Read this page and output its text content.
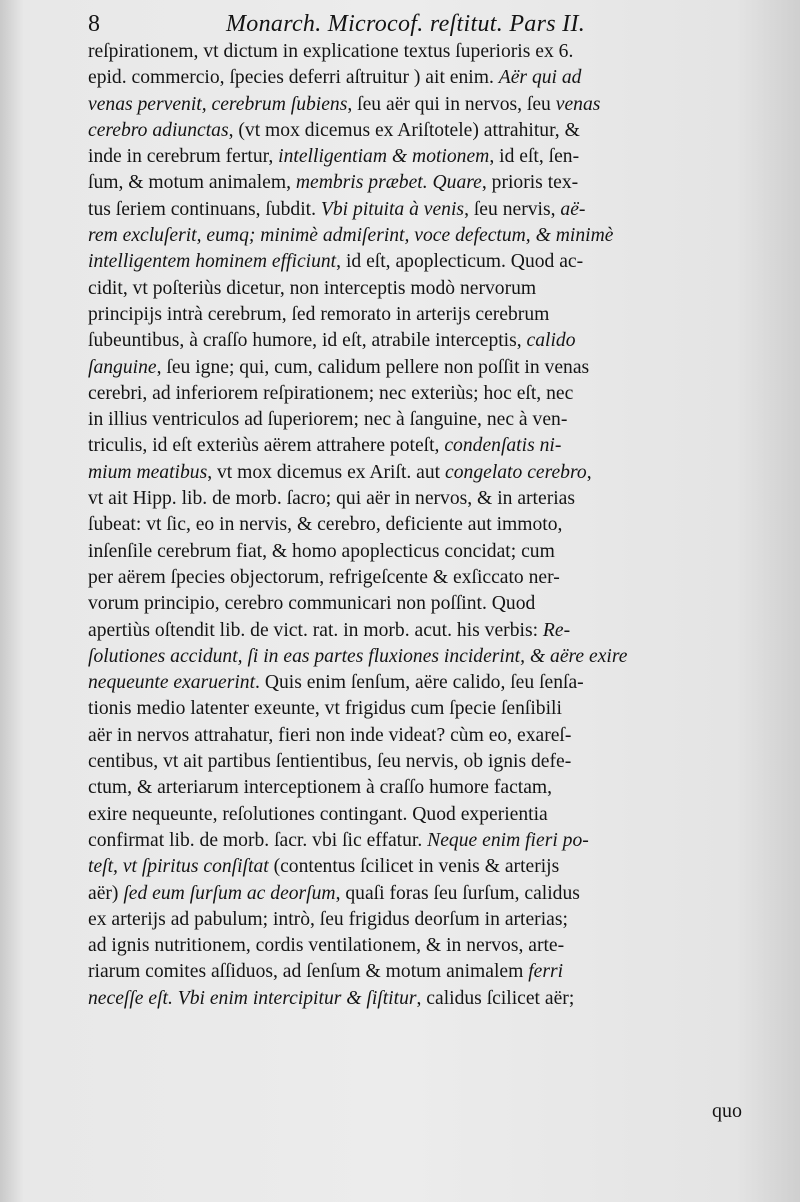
8	Monarch. Microcof. reſtitut. Pars II.
reſpirationem, vt dictum in explicatione textus ſuperioris ex 6.
epid. commercio, ſpecies deferri aſtruitur ) ait enim. Aër qui ad
venas pervenit, cerebrum ſubiens, ſeu aër qui in nervos, ſeu venas
cerebro adiunctas, (vt mox dicemus ex Ariſtotele) attrahitur, &
inde in cerebrum fertur, intelligentiam & motionem, id eſt, ſen-
ſum, & motum animalem, membris præbet. Quare, prioris tex-
tus ſeriem continuans, ſubdit. Vbi pituita à venis, ſeu nervis, aë-
rem excluſerit, eumq; minimè admiſerint, voce defectum, & minimè
intelligentem hominem efficiunt, id eſt, apoplecticum. Quod ac-
cidit, vt poſteriùs dicetur, non interceptis modò nervorum
principijs intrà cerebrum, ſed remorato in arterijs cerebrum
ſubeuntibus, à craſſo humore, id eſt, atrabile interceptis, calido
ſanguine, ſeu igne; qui, cum, calidum pellere non poſſit in venas
cerebri, ad inferiorem reſpirationem; nec exteriùs; hoc eſt, nec
in illius ventriculos ad ſuperiorem; nec à ſanguine, nec à ven-
triculis, id eſt exteriùs aërem attrahere poteſt, condenſatis ni-
mium meatibus, vt mox dicemus ex Ariſt. aut congelato cerebro,
vt ait Hipp. lib. de morb. ſacro; qui aër in nervos, & in arterias
ſubeat: vt ſic, eo in nervis, & cerebro, deficiente aut immoto,
inſenſile cerebrum fiat, & homo apoplecticus concidat; cum
per aërem ſpecies objectorum, refrigeſcente & exſiccato ner-
vorum principio, cerebro communicari non poſſint. Quod
apertiùs oſtendit lib. de vict. rat. in morb. acut. his verbis: Re-
ſolutiones accidunt, ſi in eas partes fluxiones inciderint, & aëre exire
nequeunte exaruerint. Quis enim ſenſum, aëre calido, ſeu ſenſa-
tionis medio latenter exeunte, vt frigidus cum ſpecie ſenſibili
aër in nervos attrahatur, fieri non inde videat? cùm eo, exareſ-
centibus, vt ait partibus ſentientibus, ſeu nervis, ob ignis defe-
ctum, & arteriarum interceptionem à craſſo humore factam,
exire nequeunte, reſolutiones contingant. Quod experientia
confirmat lib. de morb. ſacr. vbi ſic effatur. Neque enim fieri po-
teſt, vt ſpiritus conſiſtat (contentus ſcilicet in venis & arterijs
aër) ſed eum ſurſum ac deorſum, quaſi foras ſeu ſurſum, calidus
ex arterijs ad pabulum; intrò, ſeu frigidus deorſum in arterias;
ad ignis nutritionem, cordis ventilationem, & in nervos, arte-
riarum comites aſſiduos, ad ſenſum & motum animalem ferri
neceſſe eſt. Vbi enim intercipitur & ſiſtitur, calidus ſcilicet aër;
quo
